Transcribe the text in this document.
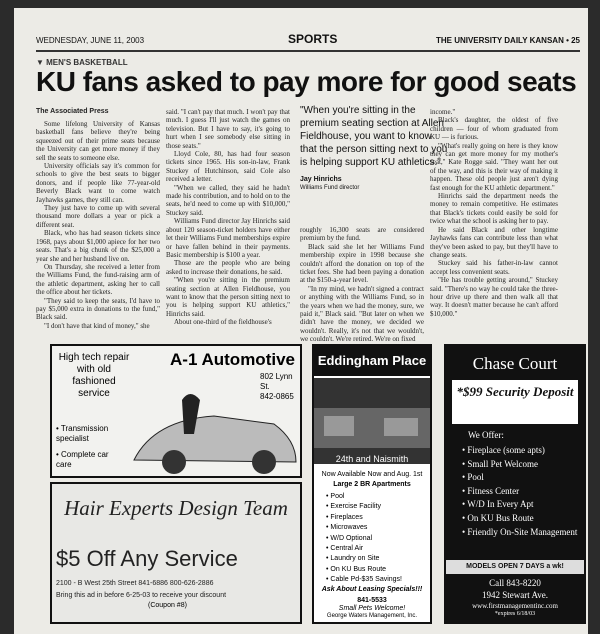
WEDNESDAY, JUNE 11, 2003	SPORTS	THE UNIVERSITY DAILY KANSAN • 25
▼ MEN'S BASKETBALL
KU fans asked to pay more for good seats
The Associated Press

Some lifelong University of Kansas basketball fans believe they're being squeezed out of their prime seats because the University can get more money if they sell the seats to someone else.

University officials say it's common for schools to give the best seats to bigger donors, and if people like 77-year-old Beverly Black want to come watch Jayhawks games, they still can.

They just have to come up with several thousand more dollars a year or pick a different seat.

Black, who has had season tickets since 1968, pays about $1,000 apiece for her two seats. That's a big chunk of the $25,000 a year she and her husband live on.

On Thursday, she received a letter from the Williams Fund, the fund-raising arm of the athletic department, asking her to call the office about her tickets.

"They said to keep the seats, I'd have to pay $5,000 extra in donations to the fund," Black said.

"I don't have that kind of money," she

said. "I can't pay that much. I won't pay that much. I guess I'll just watch the games on television. But I have to say, it's going to hurt when I see somebody else sitting in those seats."

Lloyd Cole, 80, has had four season tickets since 1965. His son-in-law, Frank Stuckey of Hutchinson, said Cole also received a letter.

"When we called, they said he hadn't made his contribution, and to hold on to the seats, he'd need to come up with $10,000," Stuckey said.

Williams Fund director Jay Hinrichs said about 120 season-ticket holders have either let their Williams Fund memberships expire or have fallen behind in their payments. Basic membership is $100 a year.

Those are the people who are being asked to increase their donations, he said.

"When you're sitting in the premium seating section at Allen Fieldhouse, you want to know that the person sitting next to you is helping support KU athletics," Hinrichs said.

About one-third of the fieldhouse's

"When you're sitting in the premium seating section at Allen Fieldhouse, you want to know that the person sitting next to you is helping support KU athletics."
Jay Hinrichs
Williams Fund director

roughly 16,300 seats are considered premium by the fund.

Black said she let her Williams Fund membership expire in 1998 because she couldn't afford the donation on top of the ticket fees. She had been paying a donation at the $150-a-year level.

"In my mind, we hadn't signed a contract or anything with the Williams Fund, so in the years when we had the money, sure, we paid it," Black said. "But later on when we didn't have the money, we decided we wouldn't. Really, it's not that we wouldn't, we couldn't. We're retired. We're on fixed

income."

Black's daughter, the oldest of five children — four of whom graduated from KU — is furious.

"What's really going on here is they know they can get more money for my mother's seat," Kate Rogge said. "They want her out of the way, and this is their way of making it happen. These old people just aren't dying fast enough for the KU athletic department."

Hinrichs said the department needs the money to remain competitive. He estimates that Black's tickets could easily be sold for twice what the school is asking her to pay.

He said Black and other longtime Jayhawks fans can contribute less than what they've been asked to pay, but they'll have to change seats.

Stuckey said his father-in-law cannot accept less convenient seats.

"He has trouble getting around," Stuckey said. "There's no way he could take the three-hour drive up there and then walk all that way. It doesn't matter because he can't afford $10,000."

High tech repair with old fashioned service
A-1 Automotive
802 Lynn St.
842-0865
• Transmission specialist
• Complete car care
Hair Experts Design Team
$5 Off Any Service
2100 - B West 25th Street 841-6886 800-626-2886
Bring this ad in before 6-25-03 to receive your discount
(Coupon #8)
Eddingham Place
24th and Naismith
Now Available Now and Aug. 1st
Large 2 BR Apartments
• Pool
• Exercise Facility
• Fireplaces
• Microwaves
• W/D Optional
• Central Air
• Laundry on Site
• On KU Bus Route
• Cable Pd-$35 Savings!
Ask About Leasing Specials!!!
841-5533
Small Pets Welcome!
George Waters Management, Inc.
Chase Court
*$99 Security Deposit
We Offer:
• Fireplace (some apts)
• Small Pet Welcome
• Pool
• Fitness Center
• W/D In Every Apt
• On KU Bus Route
• Friendly On-Site Management
MODELS OPEN 7 DAYS a wk!
Call 843-8220
1942 Stewart Ave.
www.firstmanagementinc.com
*expires 6/18/03
